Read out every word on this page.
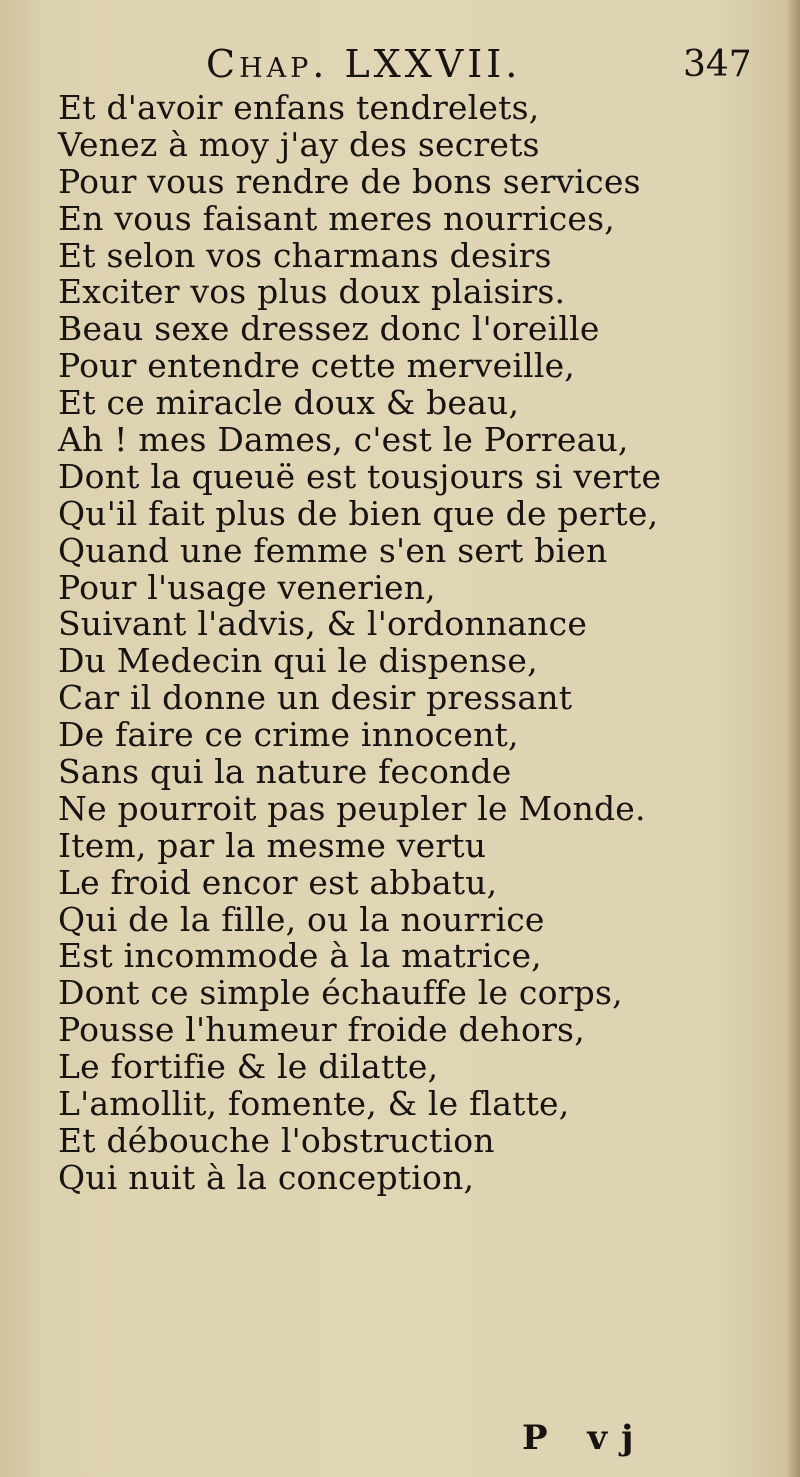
Chap. LXXVII.	347
Et d'avoir enfans tendrelets,
Venez à moy j'ay des secrets
Pour vous rendre de bons services
En vous faisant meres nourrices,
Et selon vos charmans desirs
Exciter vos plus doux plaisirs.
Beau sexe dressez donc l'oreille
Pour entendre cette merveille,
Et ce miracle doux & beau,
Ah ! mes Dames, c'est le Porreau,
Dont la queuë est tousjours si verte
Qu'il fait plus de bien que de perte,
Quand une femme s'en sert bien
Pour l'usage venerien,
Suivant l'advis, & l'ordonnance
Du Medecin qui le dispense,
Car il donne un desir pressant
De faire ce crime innocent,
Sans qui la nature feconde
Ne pourroit pas peupler le Monde.
Item, par la mesme vertu
Le froid encor est abbatu,
Qui de la fille, ou la nourrice
Est incommode à la matrice,
Dont ce simple échauffe le corps,
Pousse l'humeur froide dehors,
Le fortifie & le dilatte,
L'amollit, fomente, & le flatte,
Et débouche l'obstruction
Qui nuit à la conception,
P vj
